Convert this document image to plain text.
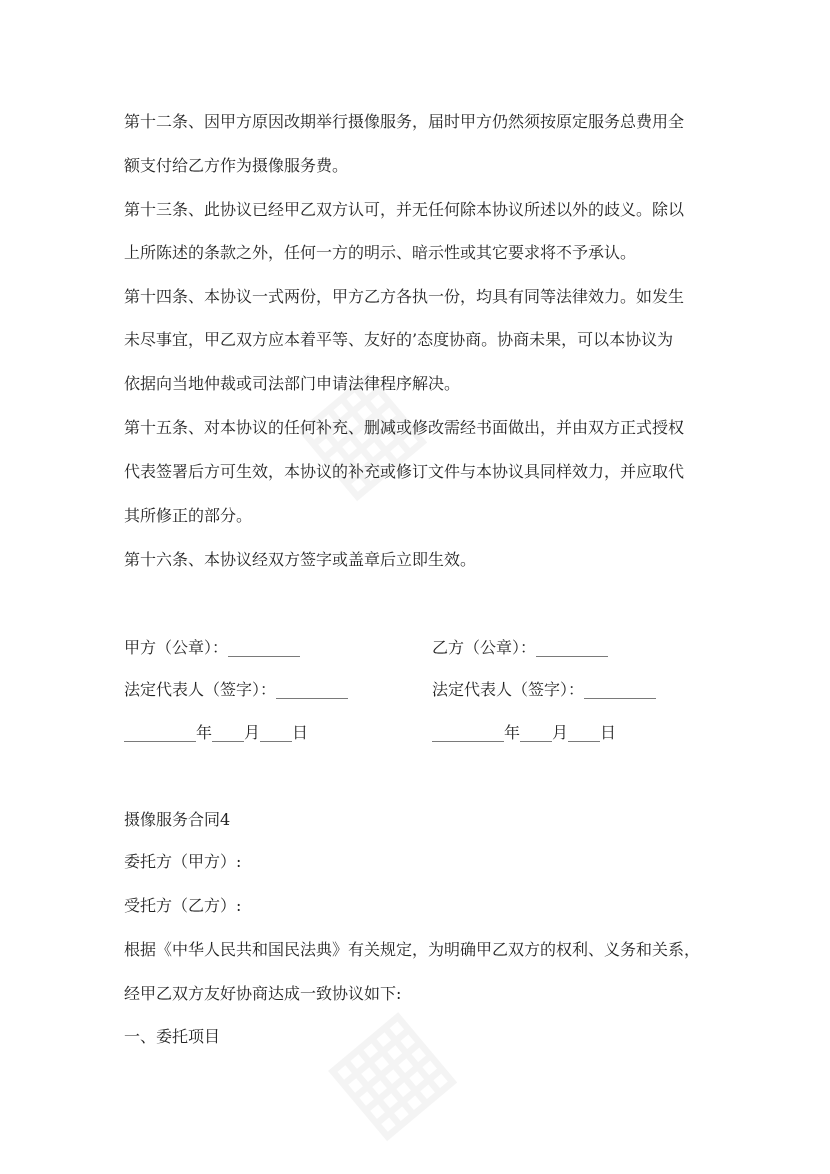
第十二条、因甲方原因改期举行摄像服务，届时甲方仍然须按原定服务总费用全
额支付给乙方作为摄像服务费。
第十三条、此协议已经甲乙双方认可，并无任何除本协议所述以外的歧义。除以
上所陈述的条款之外，任何一方的明示、暗示性或其它要求将不予承认。
第十四条、本协议一式两份，甲方乙方各执一份，均具有同等法律效力。如发生
未尽事宜，甲乙双方应本着平等、友好的’态度协商。协商未果，可以本协议为
依据向当地仲裁或司法部门申请法律程序解决。
第十五条、对本协议的任何补充、删减或修改需经书面做出，并由双方正式授权
代表签署后方可生效，本协议的补充或修订文件与本协议具同样效力，并应取代
其所修正的部分。
第十六条、本协议经双方签字或盖章后立即生效。
甲方（公章）：_________	乙方（公章）：_________
法定代表人（签字）：_________	法定代表人（签字）：_________
_________年____月____日	_________年____月____日
摄像服务合同4
委托方（甲方）:
受托方（乙方）:
根据《中华人民共和国民法典》有关规定，为明确甲乙双方的权利、义务和关系，
经甲乙双方友好协商达成一致协议如下:
一、委托项目
